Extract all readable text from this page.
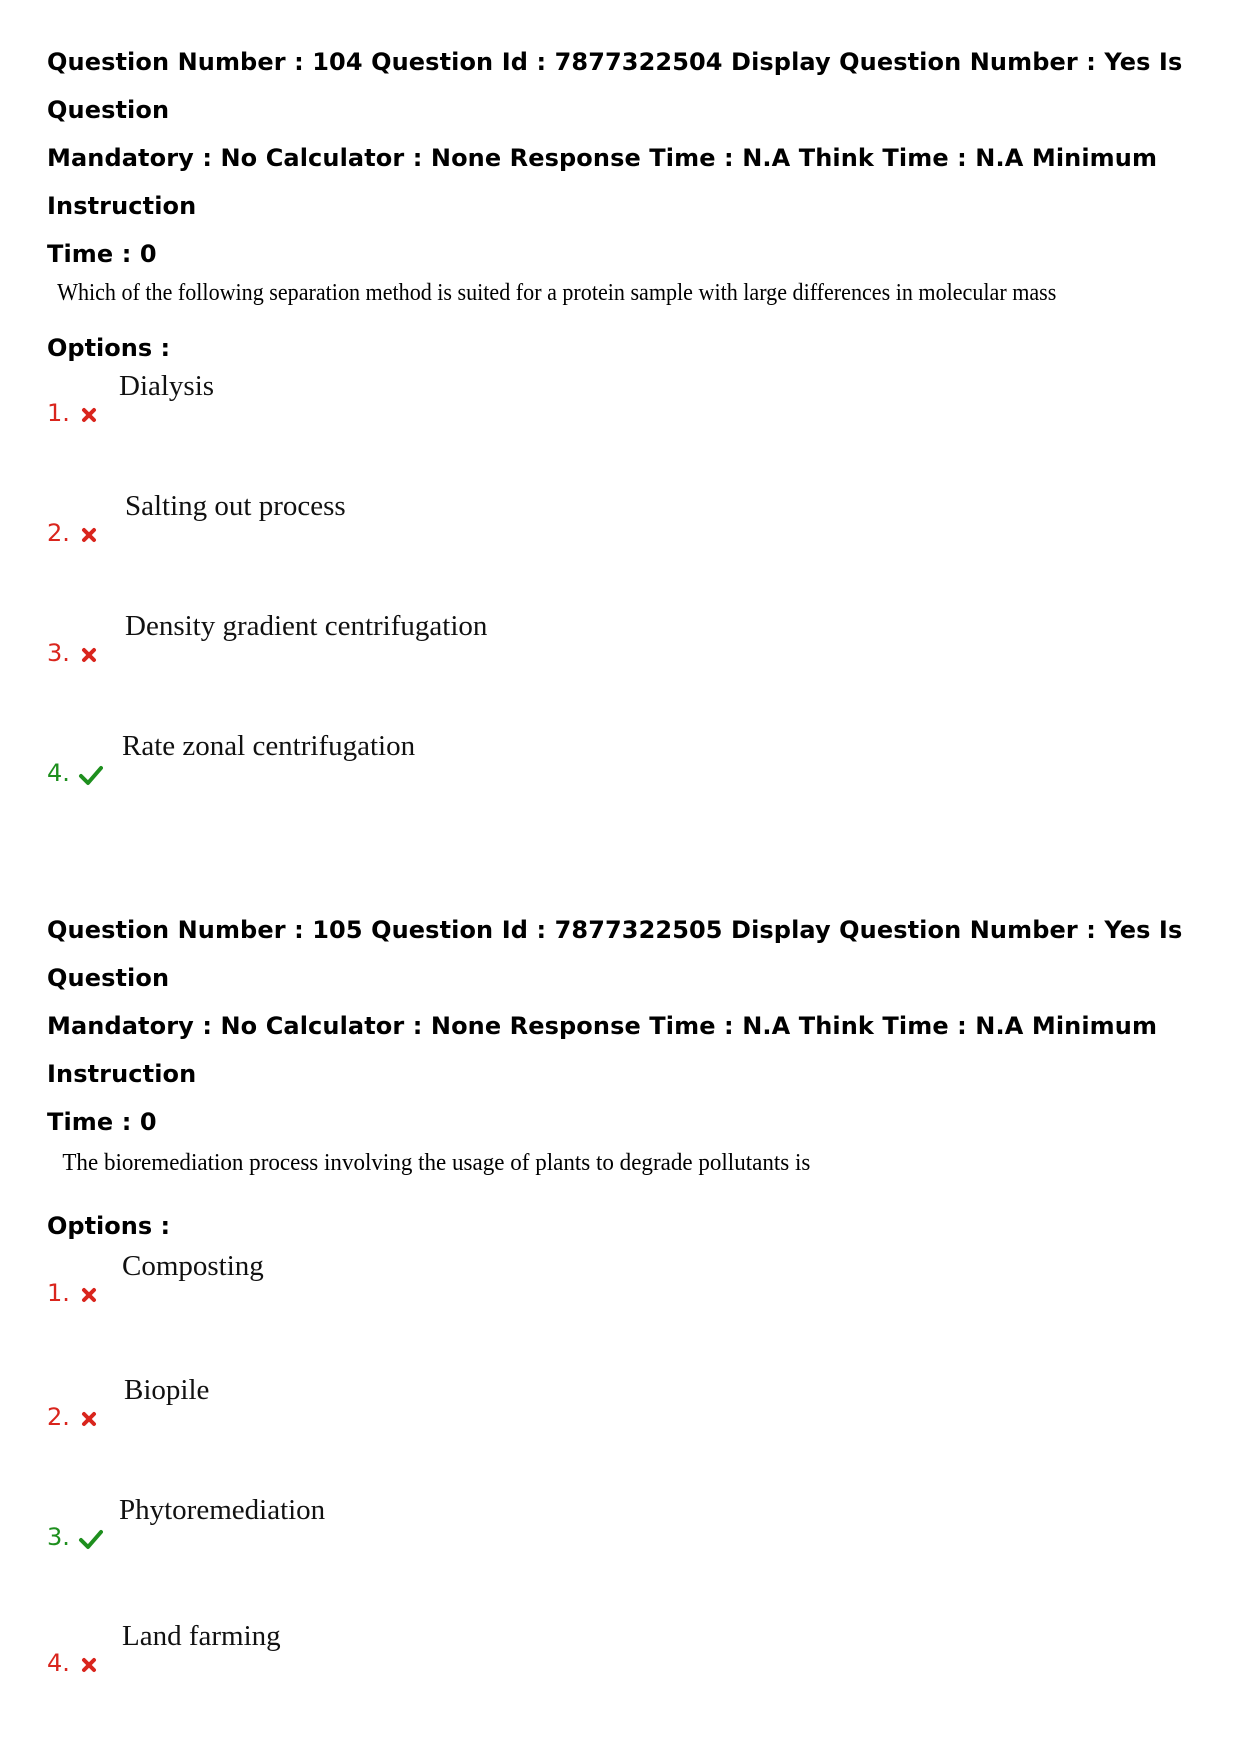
Question Number : 104 Question Id : 7877322504 Display Question Number : Yes Is Question

Mandatory : No Calculator : None Response Time : N.A Think Time : N.A Minimum Instruction

Time : 0

Which of the following separation method is suited for a protein sample with large differences in molecular mass

Options :
1.
Dialysis
2.
Salting out process
3.
Density gradient centrifugation
4.
Rate zonal centrifugation

Question Number : 105 Question Id : 7877322505 Display Question Number : Yes Is Question

Mandatory : No Calculator : None Response Time : N.A Think Time : N.A Minimum Instruction

Time : 0

The bioremediation process involving the usage of plants to degrade pollutants is

Options :
1.
Composting
2.
Biopile
3.
Phytoremediation
4.
Land farming
